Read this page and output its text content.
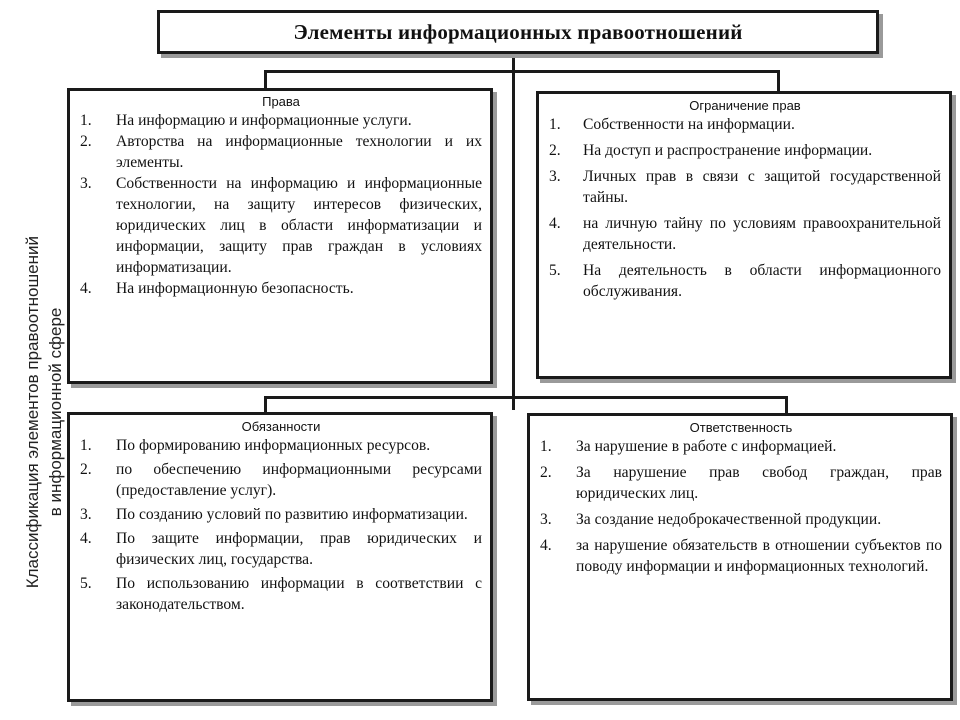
Элементы информационных правоотношений
Классификация элементов правоотношений в информационной сфере
Права
1.	На информацию и информационные услуги.
2.	Авторства на информационные технологии и их элементы.
3.	Собственности на информацию и информационные технологии, на защиту интересов физических, юридических лиц в области информатизации и информации, защиту прав граждан в условиях информатизации.
4.	На информационную безопасность.
Ограничение прав
1.	Собственности на информации.
2.	На доступ и распространение информации.
3.	Личных прав в связи с защитой государственной тайны.
4.	на личную тайну по условиям правоохранительной деятельности.
5.	На деятельность в области информационного обслуживания.
Обязанности
1.	По формированию информационных ресурсов.
2.	по обеспечению информационными ресурсами (предоставление услуг).
3.	По созданию условий по развитию информатизации.
4.	По защите информации, прав юридических и физических лиц, государства.
5.	По использованию информации в соответствии с законодательством.
Ответственность
1.	За нарушение в работе с информацией.
2.	За нарушение прав свобод граждан, прав юридических лиц.
3.	За создание недоброкачественной продукции.
4.	за нарушение обязательств в отношении субъектов по поводу информации и информационных технологий.
